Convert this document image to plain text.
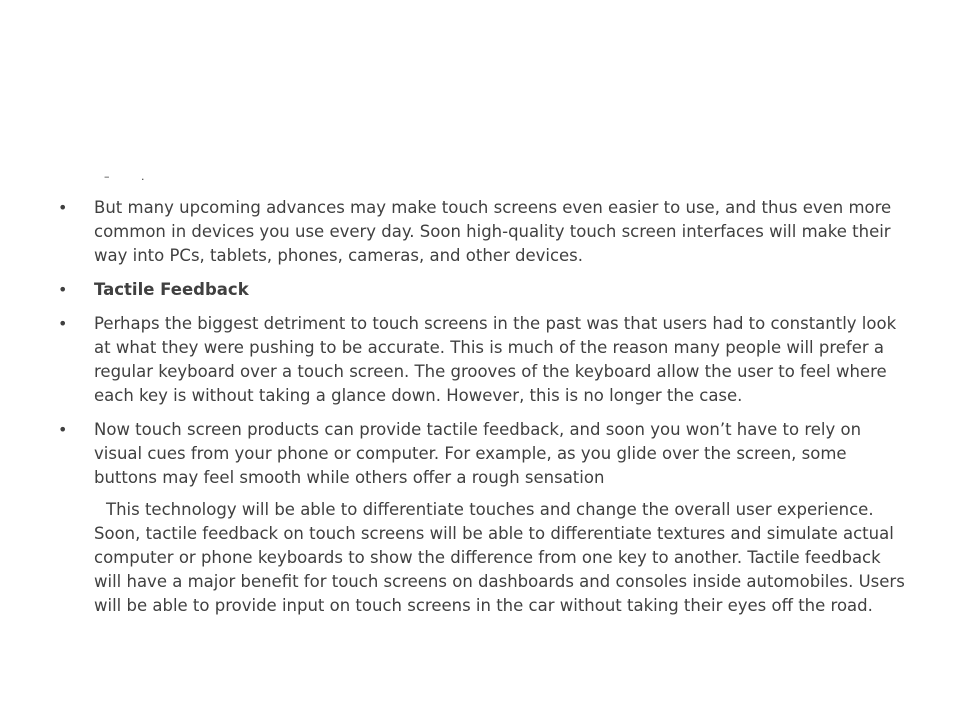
– .
• But many upcoming advances may make touch screens even easier to use, and thus even more common in devices you use every day. Soon high-quality touch screen interfaces will make their way into PCs, tablets, phones, cameras, and other devices.
• Tactile Feedback
• Perhaps the biggest detriment to touch screens in the past was that users had to constantly look at what they were pushing to be accurate. This is much of the reason many people will prefer a regular keyboard over a touch screen. The grooves of the keyboard allow the user to feel where each key is without taking a glance down. However, this is no longer the case.
• Now touch screen products can provide tactile feedback, and soon you won’t have to rely on visual cues from your phone or computer. For example, as you glide over the screen, some buttons may feel smooth while others offer a rough sensation
This technology will be able to differentiate touches and change the overall user experience. Soon, tactile feedback on touch screens will be able to differentiate textures and simulate actual computer or phone keyboards to show the difference from one key to another. Tactile feedback will have a major benefit for touch screens on dashboards and consoles inside automobiles. Users will be able to provide input on touch screens in the car without taking their eyes off the road.
